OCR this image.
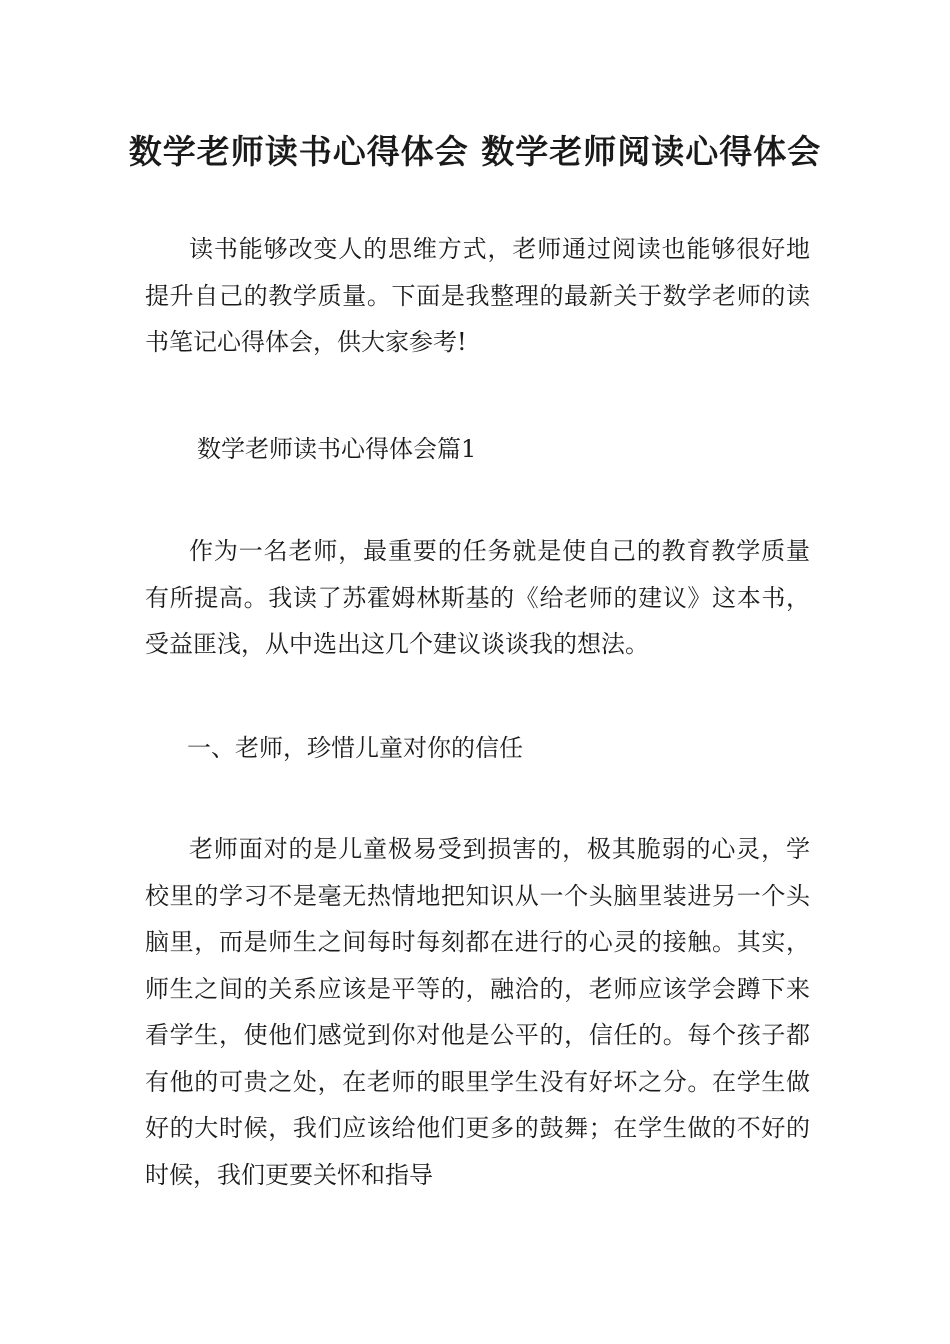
数学老师读书心得体会 数学老师阅读心得体会

读书能够改变人的思维方式，老师通过阅读也能够很好地提升自己的教学质量。下面是我整理的最新关于数学老师的读书笔记心得体会，供大家参考!

数学老师读书心得体会篇1

作为一名老师，最重要的任务就是使自己的教育教学质量有所提高。我读了苏霍姆林斯基的《给老师的建议》这本书，受益匪浅，从中选出这几个建议谈谈我的想法。

一、老师，珍惜儿童对你的信任

老师面对的是儿童极易受到损害的，极其脆弱的心灵，学校里的学习不是毫无热情地把知识从一个头脑里装进另一个头脑里，而是师生之间每时每刻都在进行的心灵的接触。其实，师生之间的关系应该是平等的，融洽的，老师应该学会蹲下来看学生，使他们感觉到你对他是公平的，信任的。每个孩子都有他的可贵之处，在老师的眼里学生没有好坏之分。在学生做好的大时候，我们应该给他们更多的鼓舞；在学生做的不好的时候，我们更要关怀和指导
